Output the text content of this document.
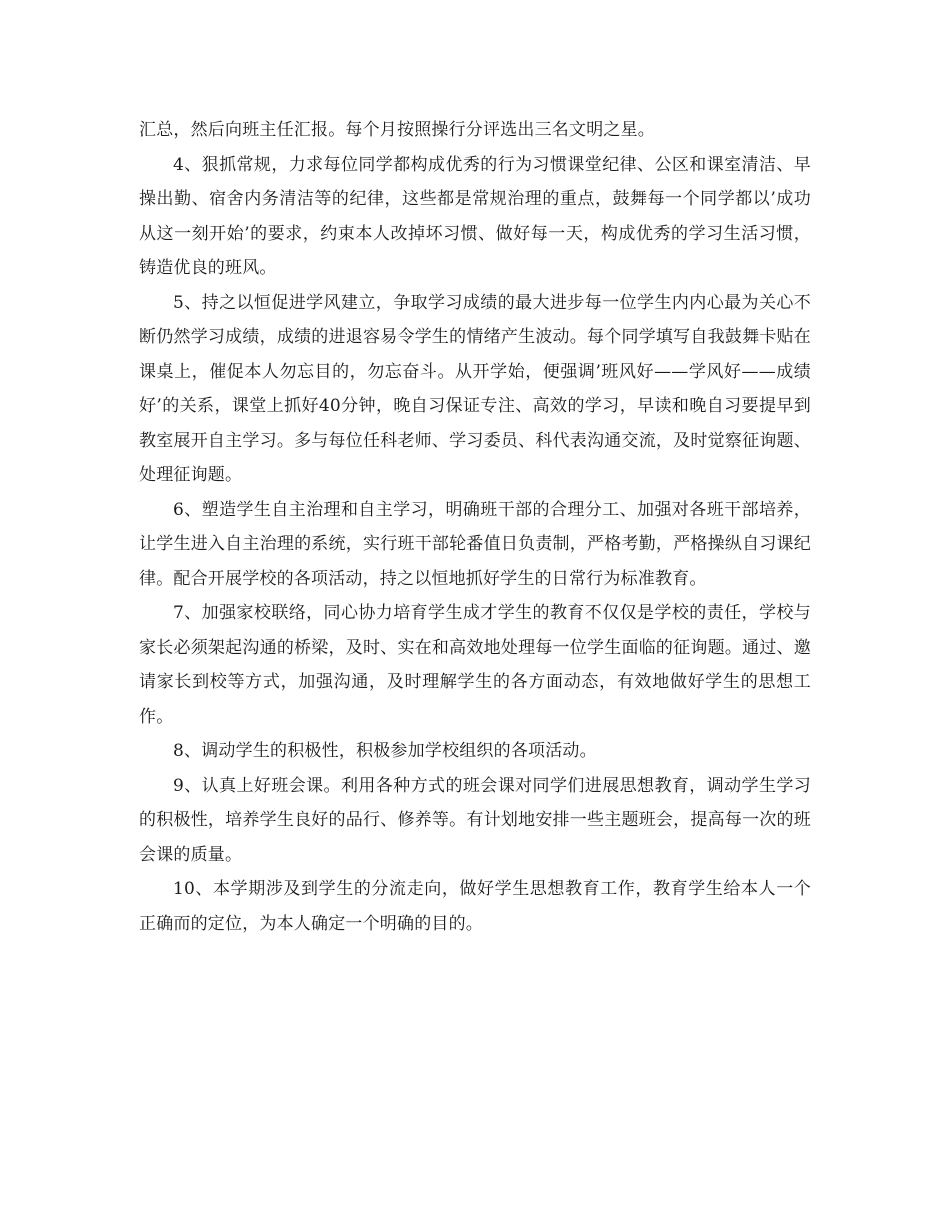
汇总，然后向班主任汇报。每个月按照操行分评选出三名文明之星。

4、狠抓常规，力求每位同学都构成优秀的行为习惯课堂纪律、公区和课室清洁、早操出勤、宿舍内务清洁等的纪律，这些都是常规治理的重点，鼓舞每一个同学都以’成功从这一刻开始’的要求，约束本人改掉坏习惯、做好每一天，构成优秀的学习生活习惯，铸造优良的班风。

5、持之以恒促进学风建立，争取学习成绩的最大进步每一位学生内内心最为关心不断仍然学习成绩，成绩的进退容易令学生的情绪产生波动。每个同学填写自我鼓舞卡贴在课桌上，催促本人勿忘目的，勿忘奋斗。从开学始，便强调’班风好——学风好——成绩好’的关系，课堂上抓好40分钟，晚自习保证专注、高效的学习，早读和晚自习要提早到教室展开自主学习。多与每位任科老师、学习委员、科代表沟通交流，及时觉察征询题、处理征询题。

6、塑造学生自主治理和自主学习，明确班干部的合理分工、加强对各班干部培养，让学生进入自主治理的系统，实行班干部轮番值日负责制，严格考勤，严格操纵自习课纪律。配合开展学校的各项活动，持之以恒地抓好学生的日常行为标准教育。

7、加强家校联络，同心协力培育学生成才学生的教育不仅仅是学校的责任，学校与家长必须架起沟通的桥梁，及时、实在和高效地处理每一位学生面临的征询题。通过、邀请家长到校等方式，加强沟通，及时理解学生的各方面动态，有效地做好学生的思想工作。

8、调动学生的积极性，积极参加学校组织的各项活动。

9、认真上好班会课。利用各种方式的班会课对同学们进展思想教育，调动学生学习的积极性，培养学生良好的品行、修养等。有计划地安排一些主题班会，提高每一次的班会课的质量。

10、本学期涉及到学生的分流走向，做好学生思想教育工作，教育学生给本人一个正确而的定位，为本人确定一个明确的目的。
